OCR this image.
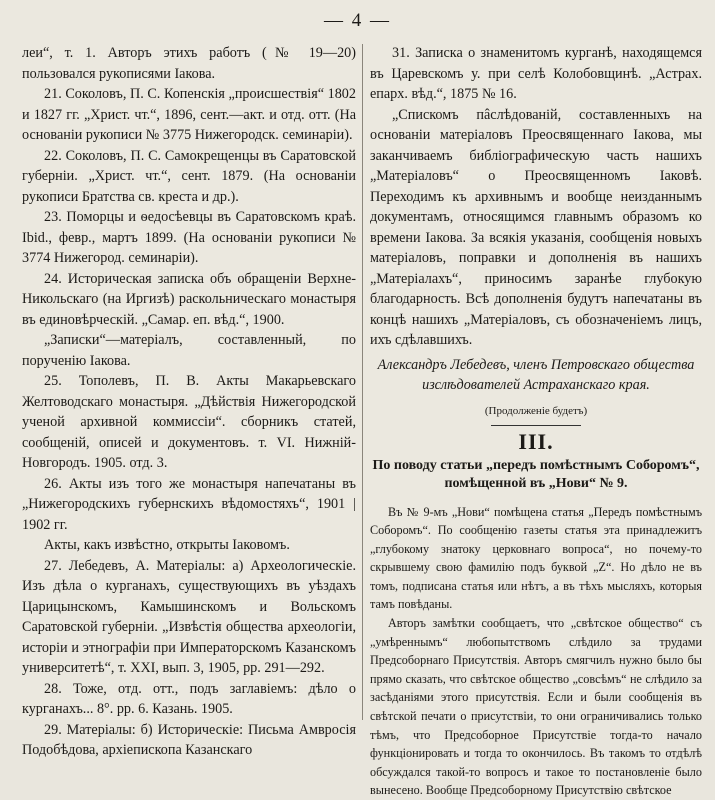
— 4 —

леи“, т. 1. Авторъ этихъ работъ (№ 19—20) пользовался рукописями Iакова.

21. Соколовъ, П. С. Копенскія „происшествія“ 1802 и 1827 гг. „Христ. чт.“, 1896, сент.—акт. и отд. отт. (На основаніи рукописи № 3775 Нижегородск. семинаріи).

22. Соколовъ, П. С. Самокрещенцы въ Саратовской губерніи. „Христ. чт.“, сент. 1879. (На основаніи рукописи Братства св. креста и др.).

23. Поморцы и ѳедосѣевцы въ Саратовскомъ краѣ. Ibid., февр., мартъ 1899. (На основаніи рукописи № 3774 Нижегород. семинаріи).

24. Историческая записка объ обращеніи Верхне-Никольскаго (на Иргизѣ) раскольническаго монастыря въ единовѣрческій. „Самар. еп. вѣд.“, 1900.

„Записки“—матеріалъ, составленный, по порученію Iакова.

25. Тополевъ, П. В. Акты Макарьевскаго Желтоводскаго монастыря. „Дѣйствія Нижегородской ученой архивной коммиссіи“. сборникъ статей, сообщеній, описей и документовъ. т. VI. Нижній-Новгородъ. 1905. отд. 3.

26. Акты изъ того же монастыря напечатаны въ „Нижегородскихъ губернскихъ вѣдомостяхъ“, 1901 | 1902 гг.

Акты, какъ извѣстно, открыты Iаковомъ.

27. Лебедевъ, А. Матеріалы: а) Археологическіе. Изъ дѣла о курганахъ, существующихъ въ уѣздахъ Царицынскомъ, Камышинскомъ и Вольскомъ Саратовской губерніи. „Извѣстія общества археологіи, исторіи и этнографіи при Императорскомъ Казанскомъ университетѣ“, т. XXI, вып. 3, 1905, рр. 291—292.

28. Тоже, отд. отт., подъ заглавіемъ: дѣло о курганахъ... 8°. рр. 6. Казань. 1905.

29. Матеріалы: б) Историческіе: Письма Амвросія Подобѣдова, архіепископа Казанскаго

31. Записка о знаменитомъ курганѣ, находящемся въ Царевскомъ у. при селѣ Колобовщинѣ. „Астрах. епарх. вѣд.“, 1875 № 16.

„Спискомъ пâслѣдованій, составленныхъ на основаніи матеріаловъ Преосвященнаго Iакова, мы заканчиваемъ библіографическую часть нашихъ „Матеріаловъ“ о Преосвященномъ Iаковѣ. Переходимъ къ архивнымъ и вообще неизданнымъ документамъ, относящимся главнымъ образомъ ко времени Iакова. За всякія указанія, сообщенія новыхъ матеріаловъ, поправки и дополненія въ нашихъ „Матеріалахъ“, приносимъ заранѣе глубокую благодарность. Всѣ дополненія будутъ напечатаны въ концѣ нашихъ „Матеріаловъ, съ обозначеніемъ лицъ, ихъ сдѣлавшихъ.

Александръ Лебедевъ, членъ Петровскаго общества изслѣдователей Астраханскаго края.

(Продолженіе будетъ)

III.

По поводу статьи „передъ помѣстнымъ Соборомъ“, помѣщенной въ „Нови“ № 9.

Въ № 9-мъ „Нови“ помѣщена статья „Передъ помѣстнымъ Соборомъ“. По сообщенію газеты статья эта принадлежитъ „глубокому знатоку церковнаго вопроса“, но почему-то скрывшему свою фамилію подъ буквой „Z“. Но дѣло не въ томъ, подписана статья или нѣтъ, а въ тѣхъ мысляхъ, которыя тамъ повѣданы.

Авторъ замѣтки сообщаетъ, что „свѣтское общество“ съ „умѣреннымъ“ любопытствомъ слѣдило за трудами Предсоборнаго Присутствія. Авторъ смягчилъ нужно было бы прямо сказать, что свѣтское общество „совсѣмъ“ не слѣдило за засѣданіями этого присутствія. Если и были сообщенія въ свѣтской печати о присутствіи, то они ограничивались только тѣмъ, что Предсоборное Присутствіе тогда-то начало функціонировать и тогда то окончилось. Въ такомъ то отдѣлѣ обсуждался такой-то вопросъ и такое то постановленіе было вынесено. Вообще Предсоборному Присутствію свѣтское
